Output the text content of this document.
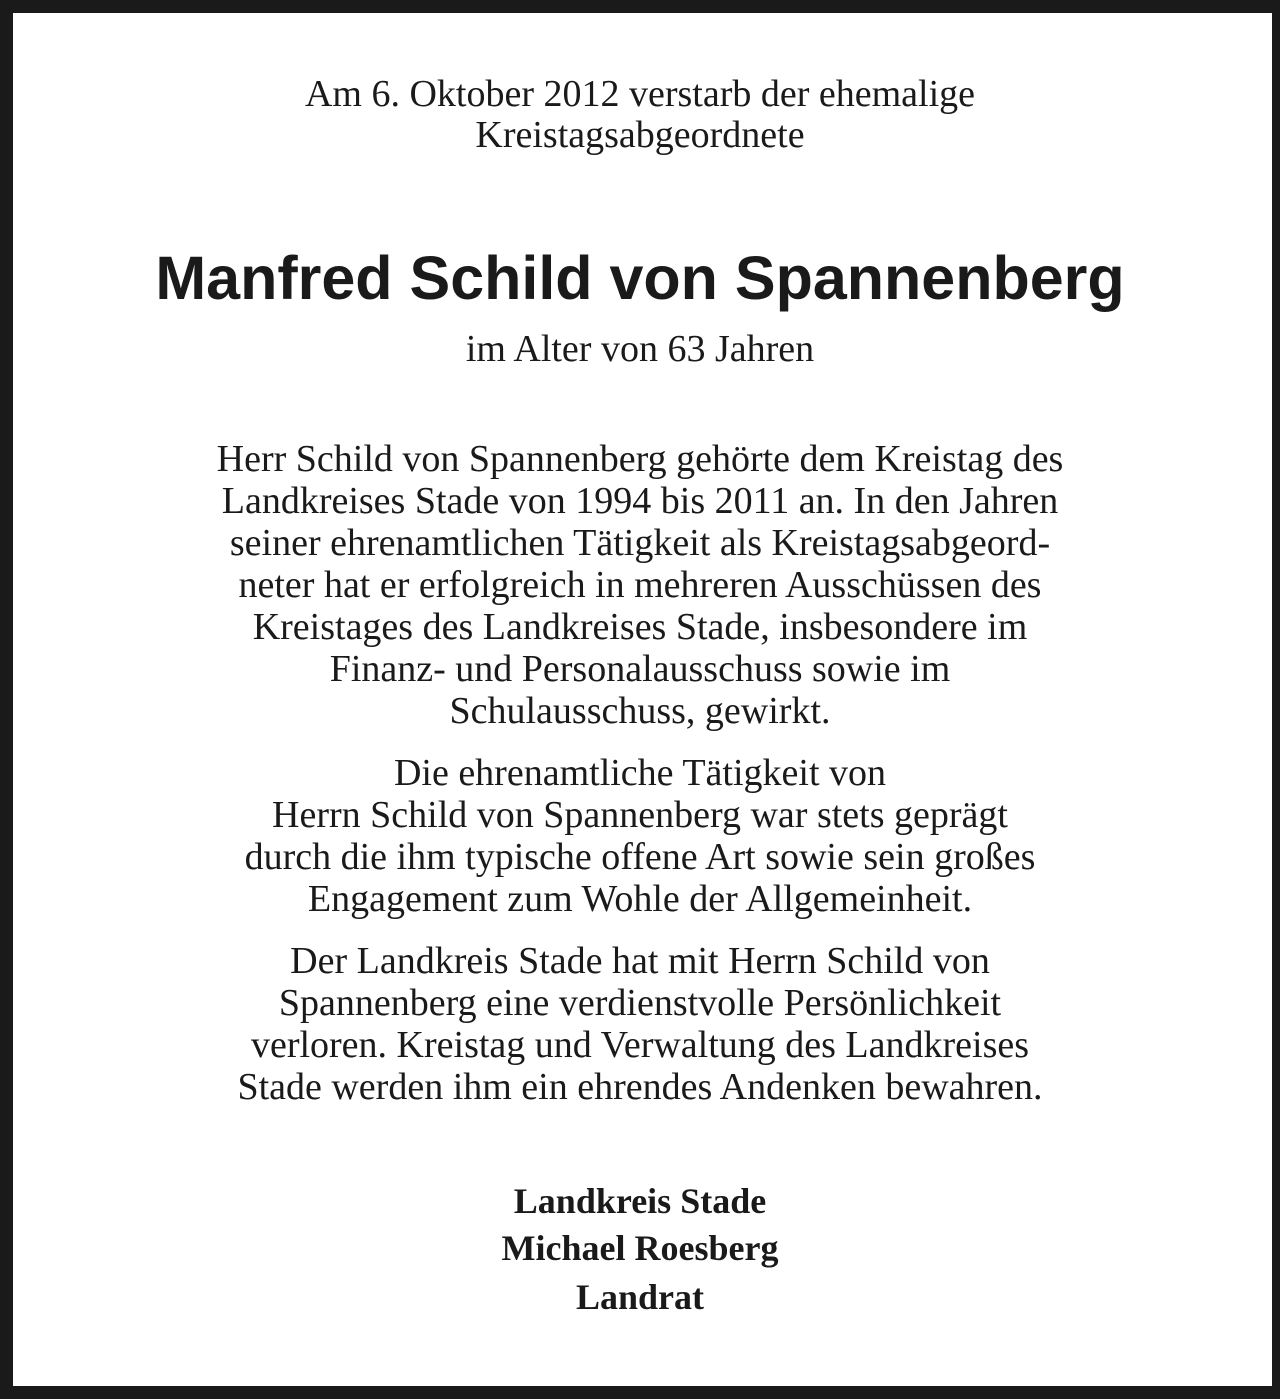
Am 6. Oktober 2012 verstarb der ehemalige
Kreistagsabgeordnete
Manfred Schild von Spannenberg
im Alter von 63 Jahren
Herr Schild von Spannenberg gehörte dem Kreistag des
Landkreises Stade von 1994 bis 2011 an. In den Jahren
seiner ehrenamtlichen Tätigkeit als Kreistagsabgeord-
neter hat er erfolgreich in mehreren Ausschüssen des
Kreistages des Landkreises Stade, insbesondere im
Finanz- und Personalausschuss sowie im
Schulausschuss, gewirkt.
Die ehrenamtliche Tätigkeit von
Herrn Schild von Spannenberg war stets geprägt
durch die ihm typische offene Art sowie sein großes
Engagement zum Wohle der Allgemeinheit.
Der Landkreis Stade hat mit Herrn Schild von
Spannenberg eine verdienstvolle Persönlichkeit
verloren. Kreistag und Verwaltung des Landkreises
Stade werden ihm ein ehrendes Andenken bewahren.
Landkreis Stade
Michael Roesberg
Landrat
